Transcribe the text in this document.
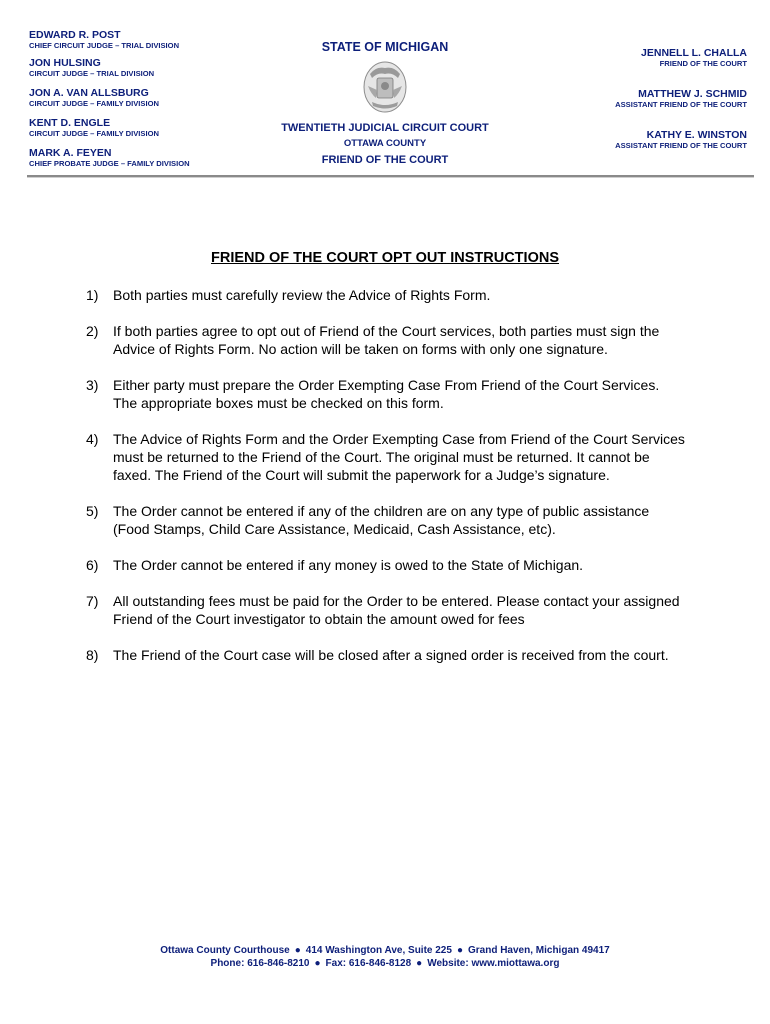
EDWARD R. POST
CHIEF CIRCUIT JUDGE – TRIAL DIVISION
JON HULSING
CIRCUIT JUDGE – TRIAL DIVISION
JON A. VAN ALLSBURG
CIRCUIT JUDGE – FAMILY DIVISION
KENT D. ENGLE
CIRCUIT JUDGE – FAMILY DIVISION
MARK A. FEYEN
CHIEF PROBATE JUDGE – FAMILY DIVISION
STATE OF MICHIGAN
TWENTIETH JUDICIAL CIRCUIT COURT
OTTAWA COUNTY
FRIEND OF THE COURT
JENNELL L. CHALLA
FRIEND OF THE COURT
MATTHEW J. SCHMID
ASSISTANT FRIEND OF THE COURT
KATHY E. WINSTON
ASSISTANT FRIEND OF THE COURT
FRIEND OF THE COURT OPT OUT INSTRUCTIONS
1) Both parties must carefully review the Advice of Rights Form.
2) If both parties agree to opt out of Friend of the Court services, both parties must sign the Advice of Rights Form. No action will be taken on forms with only one signature.
3) Either party must prepare the Order Exempting Case From Friend of the Court Services. The appropriate boxes must be checked on this form.
4) The Advice of Rights Form and the Order Exempting Case from Friend of the Court Services must be returned to the Friend of the Court. The original must be returned. It cannot be faxed. The Friend of the Court will submit the paperwork for a Judge’s signature.
5) The Order cannot be entered if any of the children are on any type of public assistance (Food Stamps, Child Care Assistance, Medicaid, Cash Assistance, etc).
6) The Order cannot be entered if any money is owed to the State of Michigan.
7) All outstanding fees must be paid for the Order to be entered. Please contact your assigned Friend of the Court investigator to obtain the amount owed for fees
8) The Friend of the Court case will be closed after a signed order is received from the court.
Ottawa County Courthouse ● 414 Washington Ave, Suite 225 ● Grand Haven, Michigan 49417
Phone: 616-846-8210 ● Fax: 616-846-8128 ● Website: www.miottawa.org
